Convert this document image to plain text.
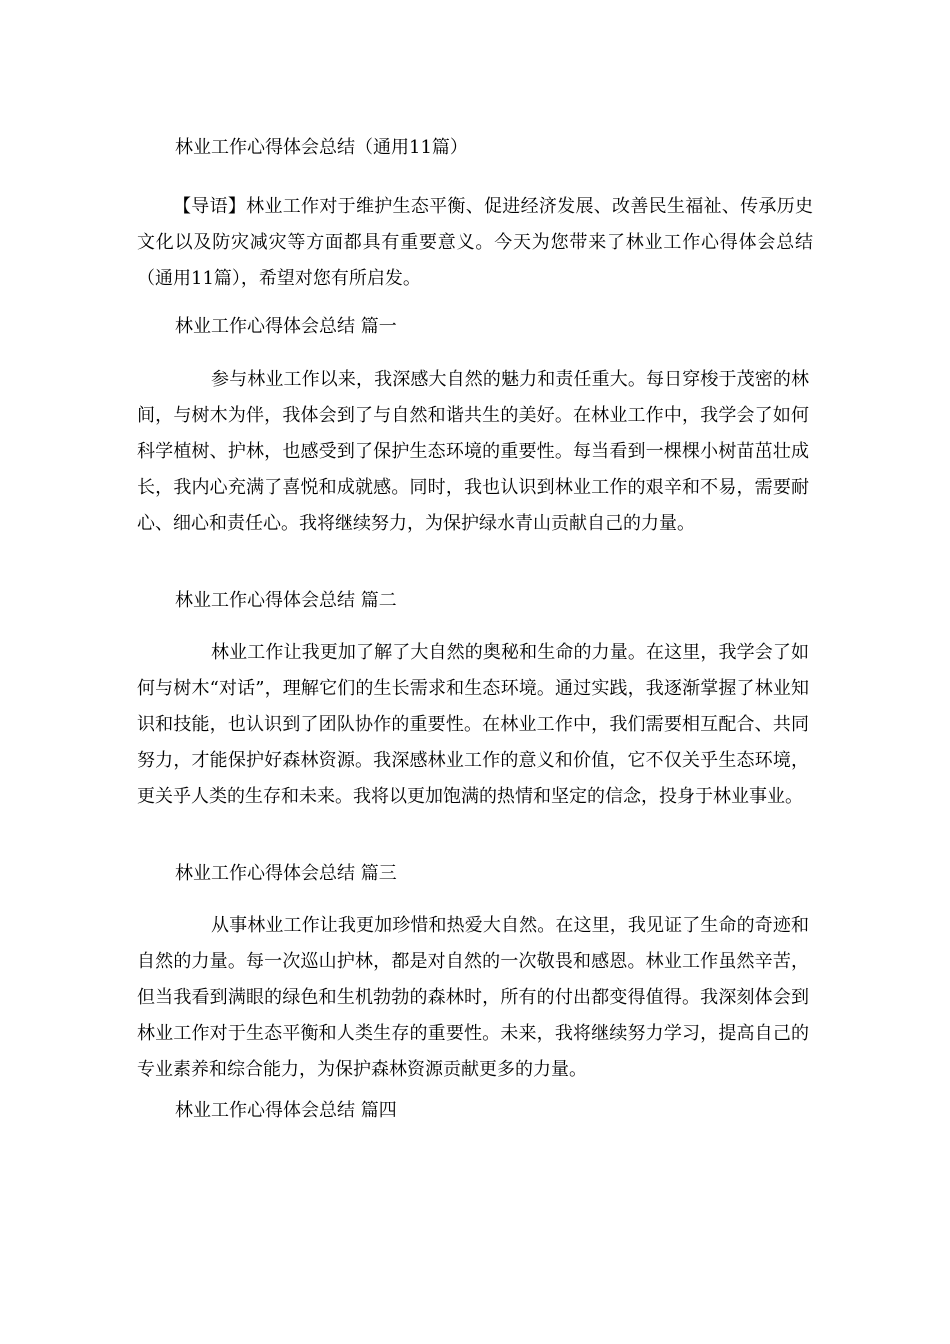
林业工作心得体会总结（通用11篇）

【导语】林业工作对于维护生态平衡、促进经济发展、改善民生福祉、传承历史文化以及防灾减灾等方面都具有重要意义。今天为您带来了林业工作心得体会总结（通用11篇），希望对您有所启发。

林业工作心得体会总结 篇一

参与林业工作以来，我深感大自然的魅力和责任重大。每日穿梭于茂密的林间，与树木为伴，我体会到了与自然和谐共生的美好。在林业工作中，我学会了如何科学植树、护林，也感受到了保护生态环境的重要性。每当看到一棵棵小树苗茁壮成长，我内心充满了喜悦和成就感。同时，我也认识到林业工作的艰辛和不易，需要耐心、细心和责任心。我将继续努力，为保护绿水青山贡献自己的力量。

林业工作心得体会总结 篇二

林业工作让我更加了解了大自然的奥秘和生命的力量。在这里，我学会了如何与树木“对话”，理解它们的生长需求和生态环境。通过实践，我逐渐掌握了林业知识和技能，也认识到了团队协作的重要性。在林业工作中，我们需要相互配合、共同努力，才能保护好森林资源。我深感林业工作的意义和价值，它不仅关乎生态环境，更关乎人类的生存和未来。我将以更加饱满的热情和坚定的信念，投身于林业事业。

林业工作心得体会总结 篇三

从事林业工作让我更加珍惜和热爱大自然。在这里，我见证了生命的奇迹和自然的力量。每一次巡山护林，都是对自然的一次敬畏和感恩。林业工作虽然辛苦，但当我看到满眼的绿色和生机勃勃的森林时，所有的付出都变得值得。我深刻体会到林业工作对于生态平衡和人类生存的重要性。未来，我将继续努力学习，提高自己的专业素养和综合能力，为保护森林资源贡献更多的力量。

林业工作心得体会总结 篇四
